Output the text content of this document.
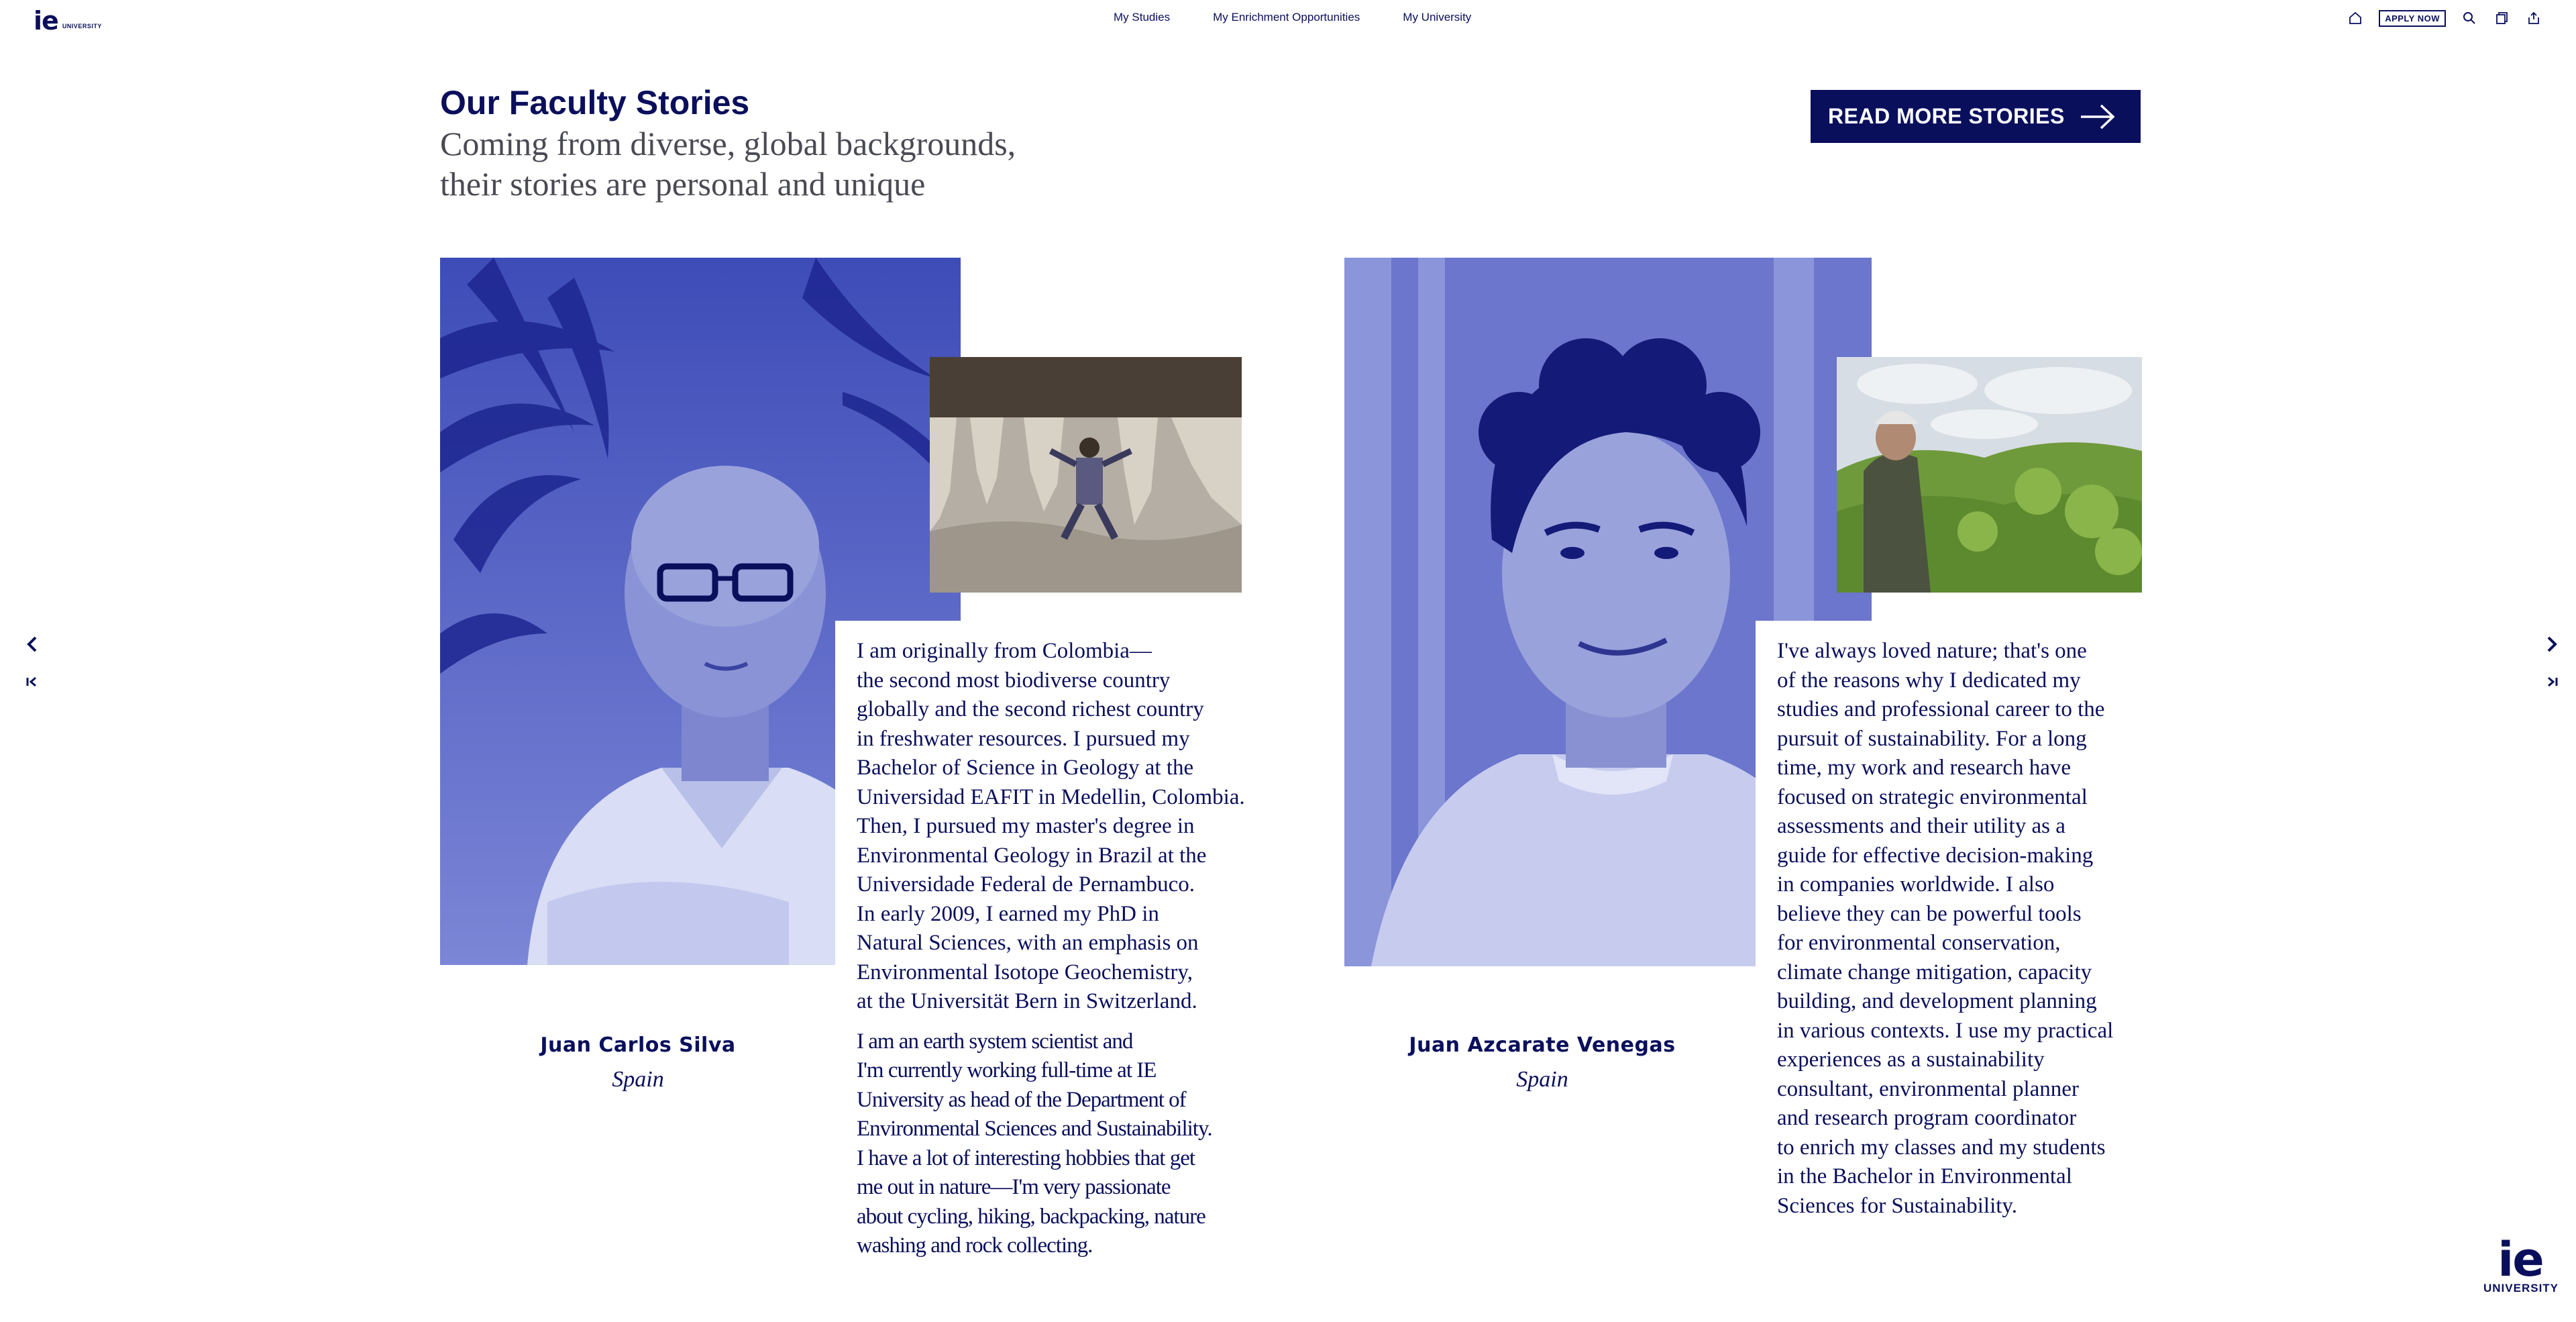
ie UNIVERSITY
My Studies	My Enrichment Opportunities	My University	APPLY NOW
Our Faculty Stories
Coming from diverse, global backgrounds,
their stories are personal and unique
READ MORE STORIES

I am originally from Colombia—
the second most biodiverse country
globally and the second richest country
in freshwater resources. I pursued my
Bachelor of Science in Geology at the
Universidad EAFIT in Medellin, Colombia.
Then, I pursued my master's degree in
Environmental Geology in Brazil at the
Universidade Federal de Pernambuco.
In early 2009, I earned my PhD in
Natural Sciences, with an emphasis on
Environmental Isotope Geochemistry,
at the Universität Bern in Switzerland.

I am an earth system scientist and
I'm currently working full-time at IE
University as head of the Department of
Environmental Sciences and Sustainability.
I have a lot of interesting hobbies that get
me out in nature—I'm very passionate
about cycling, hiking, backpacking, nature
washing and rock collecting.

Juan Carlos Silva
Spain

I've always loved nature; that's one
of the reasons why I dedicated my
studies and professional career to the
pursuit of sustainability. For a long
time, my work and research have
focused on strategic environmental
assessments and their utility as a
guide for effective decision-making
in companies worldwide. I also
believe they can be powerful tools
for environmental conservation,
climate change mitigation, capacity
building, and development planning
in various contexts. I use my practical
experiences as a sustainability
consultant, environmental planner
and research program coordinator
to enrich my classes and my students
in the Bachelor in Environmental
Sciences for Sustainability.

Juan Azcarate Venegas
Spain
ie
UNIVERSITY
